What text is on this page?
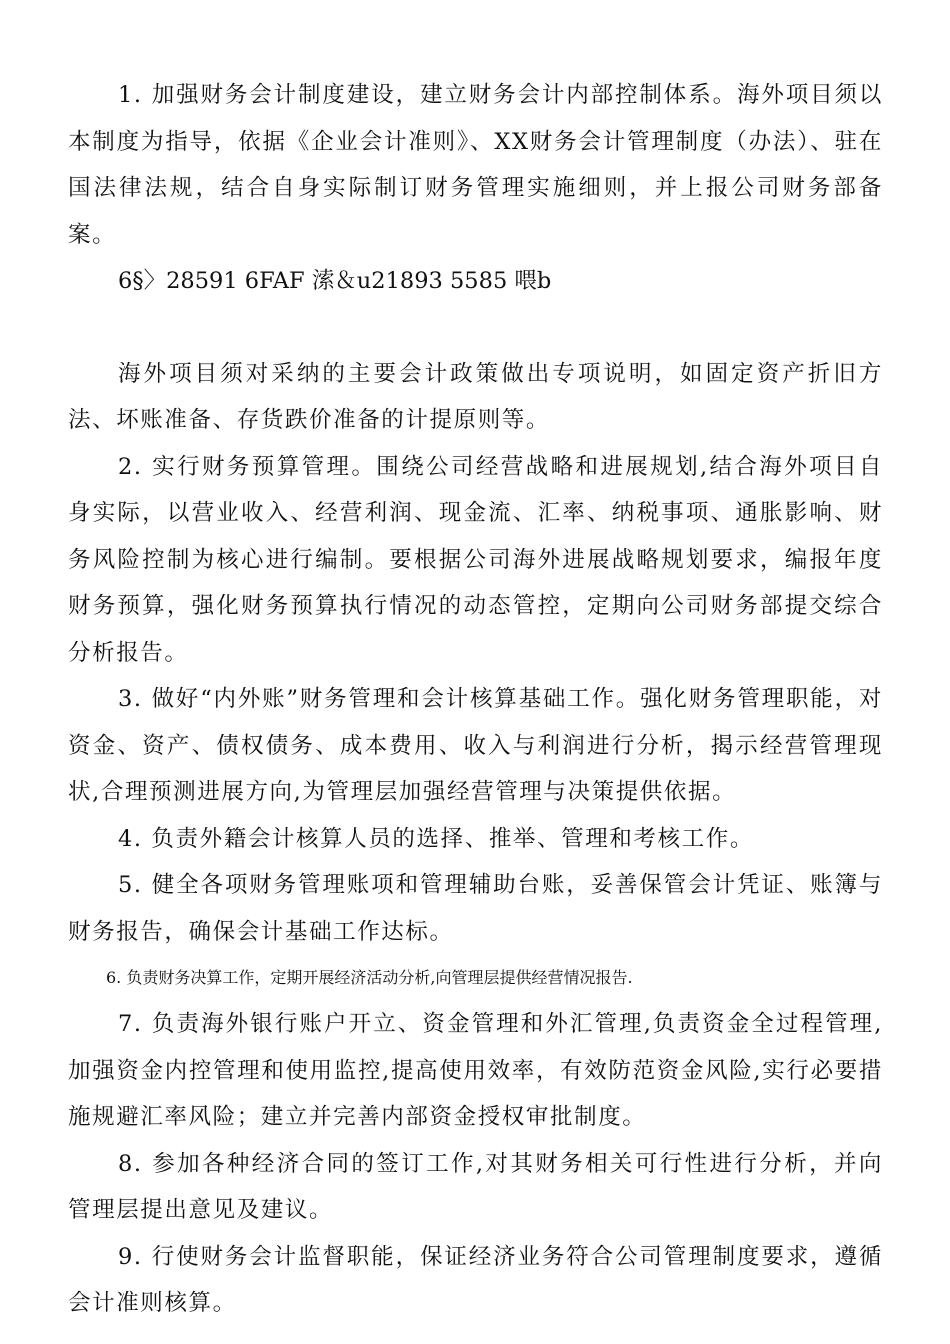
1. 加强财务会计制度建设，建立财务会计内部控制体系。海外项目须以本制度为指导，依据《企业会计准则》、XX财务会计管理制度（办法）、驻在国法律法规，结合自身实际制订财务管理实施细则，并上报公司财务部备案。

6§〉28591 6FAF 溹＆u21893 5585 喂b

海外项目须对采纳的主要会计政策做出专项说明，如固定资产折旧方法、坏账准备、存货跌价准备的计提原则等。

2. 实行财务预算管理。围绕公司经营战略和进展规划,结合海外项目自身实际，以营业收入、经营利润、现金流、汇率、纳税事项、通胀影响、财务风险控制为核心进行编制。要根据公司海外进展战略规划要求，编报年度财务预算，强化财务预算执行情况的动态管控，定期向公司财务部提交综合分析报告。

3. 做好“内外账”财务管理和会计核算基础工作。强化财务管理职能，对资金、资产、债权债务、成本费用、收入与利润进行分析，揭示经营管理现状,合理预测进展方向,为管理层加强经营管理与决策提供依据。

4. 负责外籍会计核算人员的选择、推举、管理和考核工作。

5. 健全各项财务管理账项和管理辅助台账，妥善保管会计凭证、账簿与财务报告，确保会计基础工作达标。

6. 负责财务决算工作，定期开展经济活动分析,向管理层提供经营情况报告.

7. 负责海外银行账户开立、资金管理和外汇管理,负责资金全过程管理,加强资金内控管理和使用监控,提高使用效率，有效防范资金风险,实行必要措施规避汇率风险；建立并完善内部资金授权审批制度。

8. 参加各种经济合同的签订工作,对其财务相关可行性进行分析，并向管理层提出意见及建议。

9. 行使财务会计监督职能，保证经济业务符合公司管理制度要求，遵循会计准则核算。
